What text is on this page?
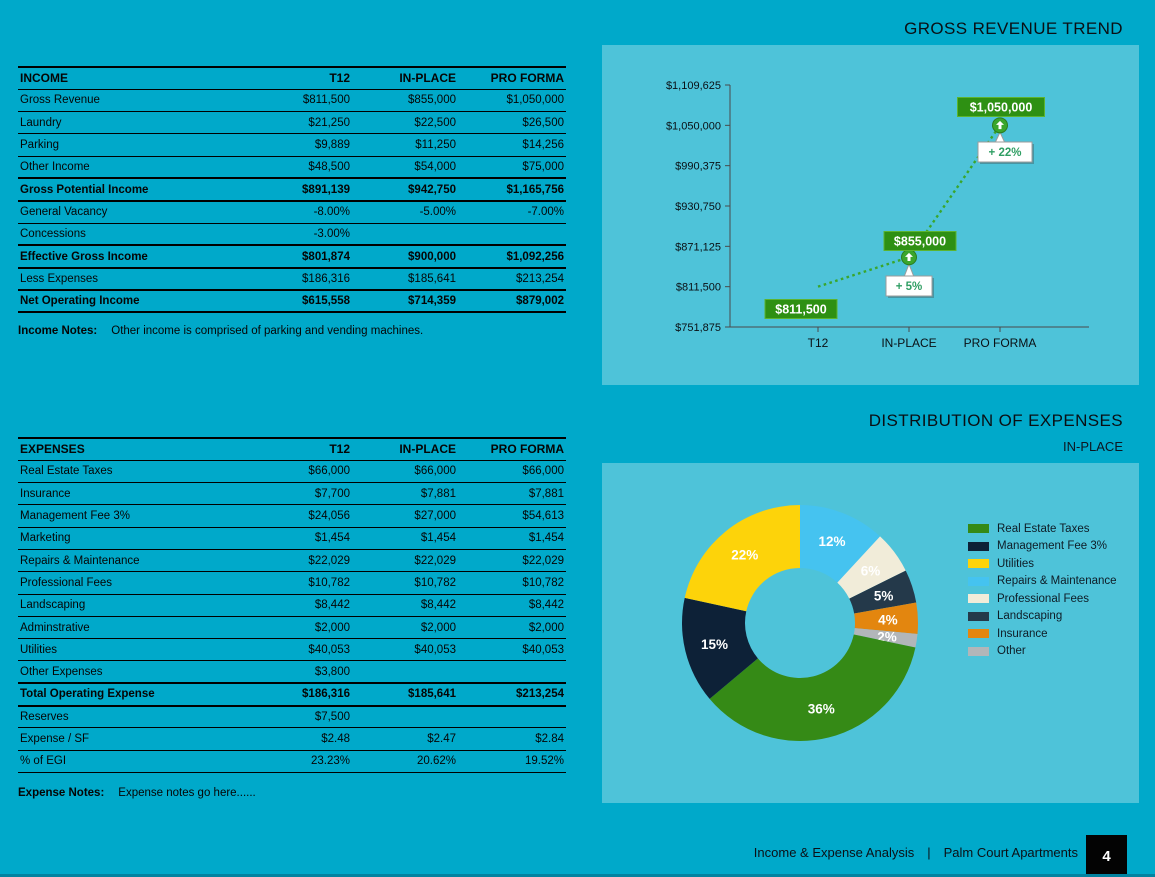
INCOME	T12	IN-PLACE	PRO FORMA
Gross Revenue	$811,500	$855,000	$1,050,000
Laundry	$21,250	$22,500	$26,500
Parking	$9,889	$11,250	$14,256
Other Income	$48,500	$54,000	$75,000
Gross Potential Income	$891,139	$942,750	$1,165,756
General Vacancy	-8.00%	-5.00%	-7.00%
Concessions	-3.00%		
Effective Gross Income	$801,874	$900,000	$1,092,256
Less Expenses	$186,316	$185,641	$213,254
Net Operating Income	$615,558	$714,359	$879,002
Income Notes: Other income is comprised of parking and vending machines.
EXPENSES	T12	IN-PLACE	PRO FORMA
Real Estate Taxes	$66,000	$66,000	$66,000
Insurance	$7,700	$7,881	$7,881
Management Fee 3%	$24,056	$27,000	$54,613
Marketing	$1,454	$1,454	$1,454
Repairs & Maintenance	$22,029	$22,029	$22,029
Professional Fees	$10,782	$10,782	$10,782
Landscaping	$8,442	$8,442	$8,442
Adminstrative	$2,000	$2,000	$2,000
Utilities	$40,053	$40,053	$40,053
Other Expenses	$3,800		
Total Operating Expense	$186,316	$185,641	$213,254
Reserves	$7,500		
Expense / SF	$2.48	$2.47	$2.84
% of EGI	23.23%	20.62%	19.52%
Expense Notes: Expense notes go here......
GROSS REVENUE TREND
$1,109,625
$1,050,000
$990,375
$930,750
$871,125
$811,500
$751,875
T12	IN-PLACE PRO FORMA
+ 5%
+ 22%
$811,500
$855,000
$1,050,000
DISTRIBUTION OF EXPENSES
IN-PLACE
12%
6%
5%
4%
2%
36%
15%
22%
Real Estate Taxes
Management Fee 3%
Utilities
Repairs & Maintenance
Professional Fees
Landscaping
Insurance
Other
Income & Expense Analysis | Palm Court Apartments	4
